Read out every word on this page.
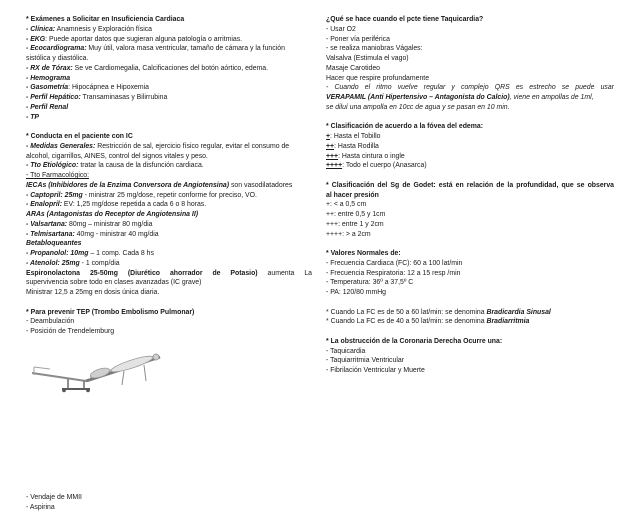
* Exámenes a Solicitar en Insuficiencia Cardiaca
- Clínica: Anamnesis y Exploración física
- EKG: Puede aportar datos que sugieran alguna patología o arritmias.
- Ecocardiograma: Muy útil, valora masa ventricular, tamaño de cámara y la función
sistólica y diastólica.
- RX de Tórax: Se ve Cardiomegalia, Calcificaciones del botón aórtico, edema.
- Hemograma
- Gasometría: Hipocápnea e Hipoxemia
- Perfil Hepático: Transaminasas y Bilirrubina
- Perfil Renal
- TP
* Conducta en el paciente con IC
- Medidas Generales: Restricción de sal, ejercicio físico regular, evitar el consumo de
alcohol, cigarrillos, AINES, control del signos vitales y peso.
- Tto Etiológico: tratar la causa de la disfunción cardiaca.
- Tto Farmacológico:
IECAs (Inhibidores de la Enzima Conversora de Angiotensina) son vasodilatadores
- Captopril: 25mg - ministrar 25 mg/dose, repetir conforme for preciso, VO.
- Enalopril: EV: 1,25 mg/dose repetida a cada 6 o 8 horas.
ARAs (Antagonistas do Receptor de Angiotensina II)
- Valsartana: 80mg – ministrar 80 mg/dia
- Telmisartana: 40mg - ministrar 40 mg/dia
Betabloqueantes
- Propanolol: 10mg – 1 comp. Cada 8 hs
- Atenolol: 25mg - 1 comp/dia
Espironolactona 25-50mg (Diurético ahorrador de Potasio) aumenta La
supervivencia sobre todo en clases avanzadas (IC grave)
Ministrar 12,5 a 25mg en dosis única diaria.
* Para prevenir TEP (Trombo Embolismo Pulmonar)
- Deambulación
- Posición de Trendelemburg
- Vendaje de MMII
- Aspirina
¿Qué se hace cuando el pcte tiene Taquicardia?
- Usar O2
- Poner vía periférica
- se realiza maniobras Vágales:
Valsalva (Estimula el vago)
Masaje Carotideo
Hacer que respire profundamente
- Cuando el ritmo vuelve regular y complejo QRS es estrecho se puede usar
VERAPAMIL (Anti Hipertensivo – Antagonista do Calcio), viene en ampollas de 1ml,
se diluí una ampolla en 10cc de agua y se pasan en 10 min.
* Clasificación de acuerdo a la fóvea del edema:
+: Hasta el Tobillo
++: Hasta Rodilla
+++: Hasta cintura o ingle
++++: Todo el cuerpo (Anasarca)
* Clasificación del Sg de Godet: está en relación de la profundidad, que se observa
al hacer presión
+: < a 0,5 cm
++: entre 0,5 y 1cm
+++: entre 1 y 2cm
++++: > a 2cm
* Valores Normales de:
- Frecuencia Cardiaca (FC): 60 a 100 lat/min
- Frecuencia Respiratoria: 12 a 15 resp /min
- Temperatura: 36º a 37,5º C
- PA: 120/80 mmHg
* Cuando La FC es de 50 a 60 lat/min: se denomina Bradicardia Sinusal
* Cuando La FC es de 40 a 50 lat/min: se denomina Bradiarritmia
* La obstrucción de la Coronaria Derecha Ocurre una:
- Taquicardia
- Taquiarritmia Ventricular
- Fibrilación Ventricular y Muerte
